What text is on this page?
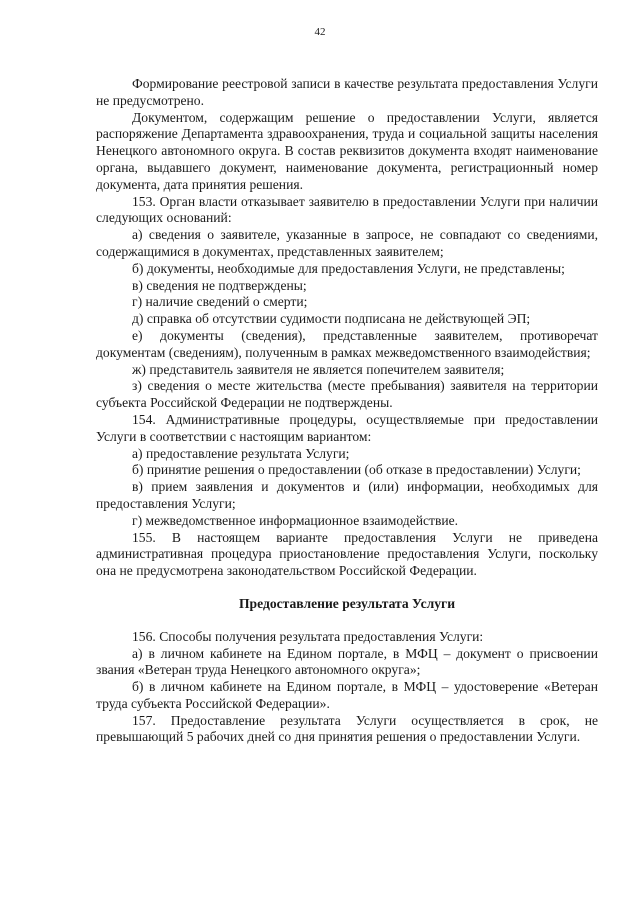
42

Формирование реестровой записи в качестве результата предоставления Услуги не предусмотрено.

Документом, содержащим решение о предоставлении Услуги, является распоряжение Департамента здравоохранения, труда и социальной защиты населения Ненецкого автономного округа. В состав реквизитов документа входят наименование органа, выдавшего документ, наименование документа, регистрационный номер документа, дата принятия решения.

153. Орган власти отказывает заявителю в предоставлении Услуги при наличии следующих оснований:

а) сведения о заявителе, указанные в запросе, не совпадают со сведениями, содержащимися в документах, представленных заявителем;

б) документы, необходимые для предоставления Услуги, не представлены;

в) сведения не подтверждены;

г) наличие сведений о смерти;

д) справка об отсутствии судимости подписана не действующей ЭП;

е) документы (сведения), представленные заявителем, противоречат документам (сведениям), полученным в рамках межведомственного взаимодействия;

ж) представитель заявителя не является попечителем заявителя;

з) сведения о месте жительства (месте пребывания) заявителя на территории субъекта Российской Федерации не подтверждены.

154. Административные процедуры, осуществляемые при предоставлении Услуги в соответствии с настоящим вариантом:

а) предоставление результата Услуги;

б) принятие решения о предоставлении (об отказе в предоставлении) Услуги;

в) прием заявления и документов и (или) информации, необходимых для предоставления Услуги;

г) межведомственное информационное взаимодействие.

155. В настоящем варианте предоставления Услуги не приведена административная процедура приостановление предоставления Услуги, поскольку она не предусмотрена законодательством Российской Федерации.

Предоставление результата Услуги

156. Способы получения результата предоставления Услуги:

а) в личном кабинете на Едином портале, в МФЦ – документ о присвоении звания «Ветеран труда Ненецкого автономного округа»;

б) в личном кабинете на Едином портале, в МФЦ – удостоверение «Ветеран труда субъекта Российской Федерации».

157. Предоставление результата Услуги осуществляется в срок, не превышающий 5 рабочих дней со дня принятия решения о предоставлении Услуги.
